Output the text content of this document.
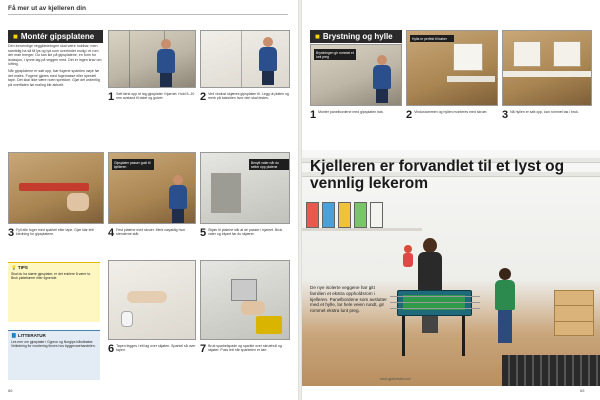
Få mer ut av kjelleren din
■ Montér gipsplatene

Den innvendige veggkledningen skal være holdbar, men samtidig ha så få lys og lyd som overhodet mulig i et rom der man trenger. Du kan kle på gipsplatene, en form for isolasjon, i tynne lag på veggen med. Det er ingen krav om lufting.

Når gipsplatene er satt opp, bør fugene sparkles nøye før det males. Fugene gjøres med fugemasse eller spesiell tape. Det skal ikke være noen sprekker. Gjør det ordentlig på overflaten før maling blir aktuelt.

1 Sett først opp et lag gipsplater i hjørnet. Hold 5–10 mm avstand til taket og gulvet.	2 Ved vindust skjæres gipsplaten til. Legg ut platen og merk på baksiden hvor den skal festes.
Gipsplater passer godt til kjelleren
Benytt vater når du setter opp platene
3 Fyll alle fuger med sparkel eller tape. Gjør klar tett kledning for gipsplatene.	4 Fest platene med skruer. Merk nøyaktig hvor stenderne står.	5 Skjær til platene slik at de passer i hjørnet. Bruk vater og blyant før du skjærer.
💡 TIPS
Skal du ha større gipsplater, er det enklere å være to. Bruk platebærer eller lignende.
📘 LITTERATUR
Les mer om gipsplater i Gyproc og Norgips håndbøker. Veiledning for montering finnes hos byggevarehandelen. 6 Tapen legges i ett lag over skjøten. Sparkel så over tapen.	7 Bruk sparkelspade og sparkle over skruehull og skjøter. Puss lett når sparkelen er tørr.
66
■ Brystning og hylle
Brystningen gir rommet et lunt preg
Hylla er perfekt til bøker
1 Monter panelbordene med gipsplaten bak.	2 Vindusrammen og hyllen monteres med skruer.	3 Nå hyllen er satt opp, kan rommet tas i bruk.
Kjelleren er forvandlet til et lyst og vennlig lekerom
De nye isolerte veggene har gitt familien et ekstra oppholdsrom i kjelleren. Panelbordene som avslutter med et hylle, lar hele veien rundt, gir rommet ekstra lunt preg.
www.gjorbetselv.com
65
